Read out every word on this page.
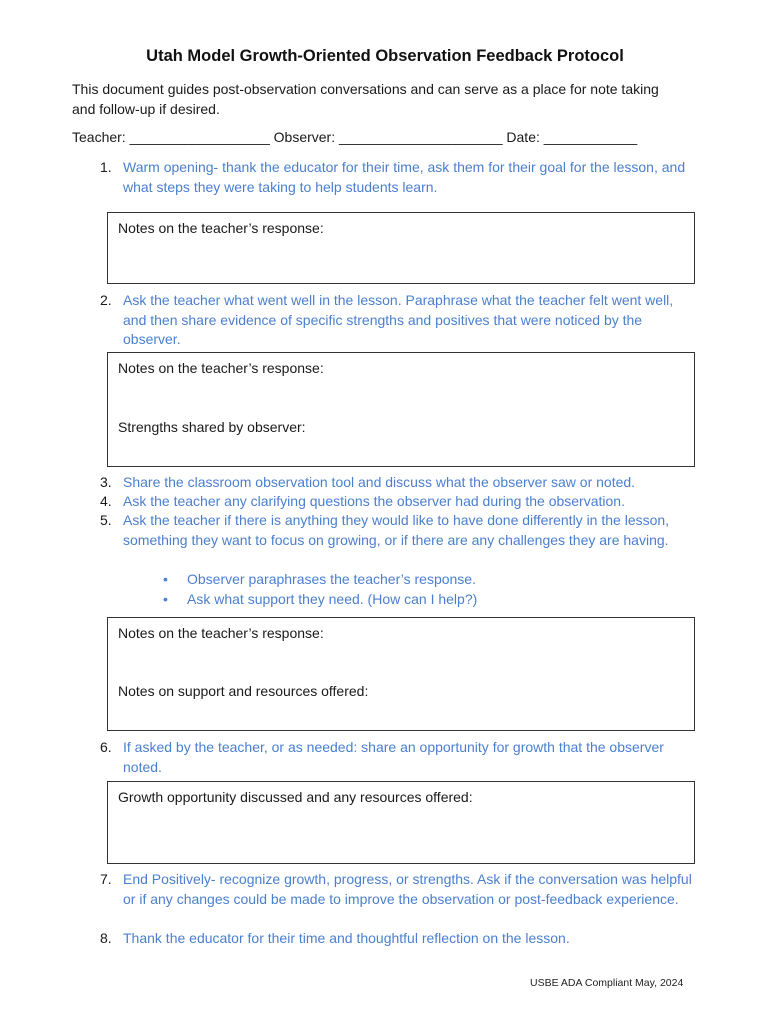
Utah Model Growth-Oriented Observation Feedback Protocol
This document guides post-observation conversations and can serve as a place for note taking and follow-up if desired.
Teacher: __________________ Observer: _____________________ Date: ____________
1. Warm opening- thank the educator for their time, ask them for their goal for the lesson, and what steps they were taking to help students learn.
Notes on the teacher’s response:
2. Ask the teacher what went well in the lesson. Paraphrase what the teacher felt went well, and then share evidence of specific strengths and positives that were noticed by the observer.
Notes on the teacher’s response:
Strengths shared by observer:
3. Share the classroom observation tool and discuss what the observer saw or noted.
4. Ask the teacher any clarifying questions the observer had during the observation.
5. Ask the teacher if there is anything they would like to have done differently in the lesson, something they want to focus on growing, or if there are any challenges they are having.
• Observer paraphrases the teacher’s response.
• Ask what support they need. (How can I help?)
Notes on the teacher’s response:
Notes on support and resources offered:
6. If asked by the teacher, or as needed: share an opportunity for growth that the observer noted.
Growth opportunity discussed and any resources offered:
7. End Positively- recognize growth, progress, or strengths. Ask if the conversation was helpful or if any changes could be made to improve the observation or post-feedback experience.
8. Thank the educator for their time and thoughtful reflection on the lesson.
USBE ADA Compliant May, 2024
